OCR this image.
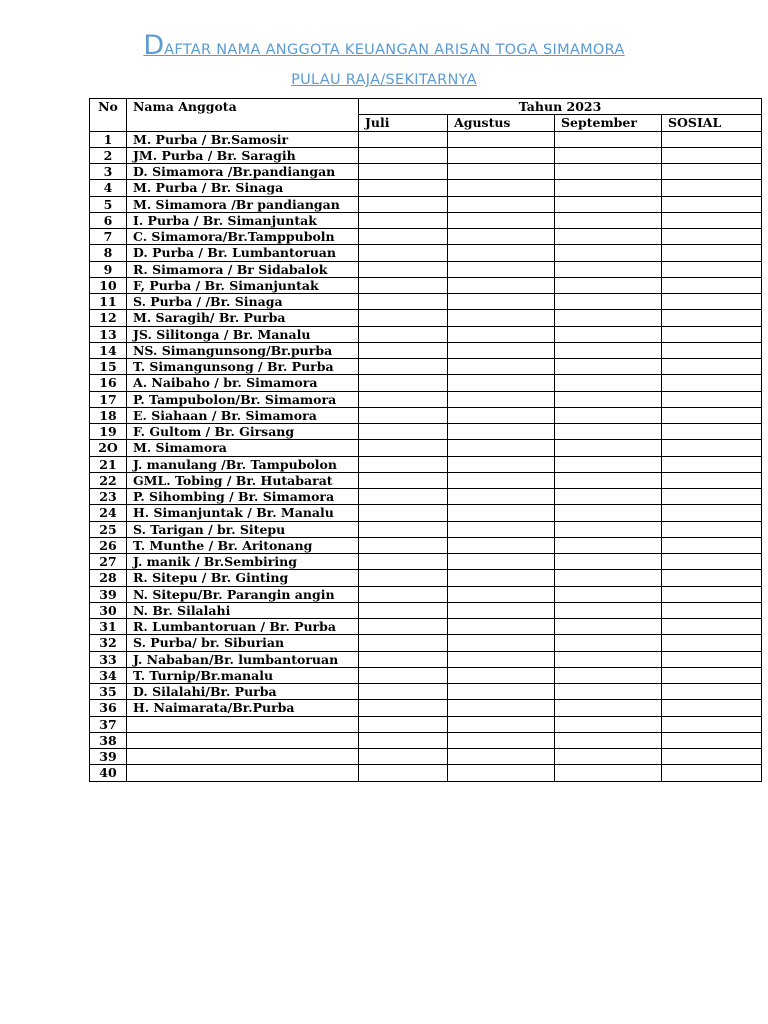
DAFTAR NAMA ANGGOTA KEUANGAN ARISAN TOGA SIMAMORA
PULAU RAJA/SEKITARNYA
No	Nama Anggota	Tahun 2023			
		Juli	Agustus	September	SOSIAL
1	M. Purba / Br.Samosir				
2	JM. Purba / Br. Saragih				
3	D. Simamora /Br.pandiangan				
4	M. Purba / Br. Sinaga				
5	M. Simamora /Br pandiangan				
6	I. Purba / Br. Simanjuntak				
7	C. Simamora/Br.Tamppuboln				
8	D. Purba / Br. Lumbantoruan				
9	R. Simamora / Br Sidabalok				
10	F, Purba / Br. Simanjuntak				
11	S. Purba / /Br. Sinaga				
12	M. Saragih/ Br. Purba				
13	JS. Silitonga / Br. Manalu				
14	NS. Simangunsong/Br.purba				
15	T. Simangunsong / Br. Purba				
16	A. Naibaho / br. Simamora				
17	P. Tampubolon/Br. Simamora				
18	E. Siahaan / Br. Simamora				
19	F. Gultom / Br. Girsang				
2O	M. Simamora				
21	J. manulang /Br. Tampubolon				
22	GML. Tobing / Br. Hutabarat				
23	P. Sihombing / Br. Simamora				
24	H. Simanjuntak / Br. Manalu				
25	S. Tarigan / br. Sitepu				
26	T. Munthe / Br. Aritonang				
27	J. manik / Br.Sembiring				
28	R. Sitepu / Br. Ginting				
39	N. Sitepu/Br. Parangin angin				
30	N. Br. Silalahi				
31	R. Lumbantoruan / Br. Purba				
32	S. Purba/ br. Siburian				
33	J. Nababan/Br. lumbantoruan				
34	T. Turnip/Br.manalu				
35	D. Silalahi/Br. Purba				
36	H. Naimarata/Br.Purba				
37					
38					
39					
40					
